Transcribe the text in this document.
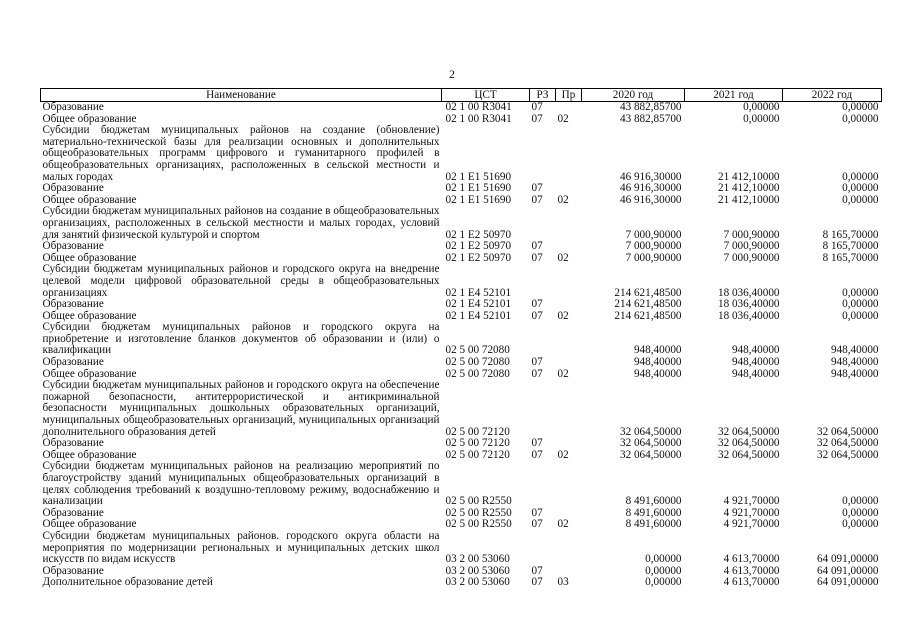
2
Наименование	ЦСТ	РЗ	Пр	2020 год	2021 год	2022 год
Образование	02 1 00 R3041	07		43 882,85700	0,00000	0,00000
Общее образование	02 1 00 R3041	07	02	43 882,85700	0,00000	0,00000
Субсидии бюджетам муниципальных районов на создание (обновление) материально-технической базы для реализации основных и дополнительных общеобразовательных программ цифрового и гуманитарного профилей в общеобразовательных организациях, расположенных в сельской местности и малых городах	02 1 E1 51690			46 916,30000	21 412,10000	0,00000
Образование	02 1 E1 51690	07		46 916,30000	21 412,10000	0,00000
Общее образование	02 1 E1 51690	07	02	46 916,30000	21 412,10000	0,00000
Субсидии бюджетам муниципальных районов на создание в общеобразовательных организациях, расположенных в сельской местности и малых городах, условий для занятий физической культурой и спортом	02 1 E2 50970			7 000,90000	7 000,90000	8 165,70000
Образование	02 1 E2 50970	07		7 000,90000	7 000,90000	8 165,70000
Общее образование	02 1 E2 50970	07	02	7 000,90000	7 000,90000	8 165,70000
Субсидии бюджетам муниципальных районов и городского округа на внедрение целевой модели цифровой образовательной среды в общеобразовательных организациях	02 1 E4 52101			214 621,48500	18 036,40000	0,00000
Образование	02 1 E4 52101	07		214 621,48500	18 036,40000	0,00000
Общее образование	02 1 E4 52101	07	02	214 621,48500	18 036,40000	0,00000
Субсидии бюджетам муниципальных районов и городского округа на приобретение и изготовление бланков документов об образовании и (или) о квалификации	02 5 00 72080			948,40000	948,40000	948,40000
Образование	02 5 00 72080	07		948,40000	948,40000	948,40000
Общее образование	02 5 00 72080	07	02	948,40000	948,40000	948,40000
Субсидии бюджетам муниципальных районов и городского округа на обеспечение пожарной безопасности, антитеррористической и антикриминальной безопасности муниципальных дошкольных образовательных организаций, муниципальных общеобразовательных организаций, муниципальных организаций дополнительного образования детей	02 5 00 72120			32 064,50000	32 064,50000	32 064,50000
Образование	02 5 00 72120	07		32 064,50000	32 064,50000	32 064,50000
Общее образование	02 5 00 72120	07	02	32 064,50000	32 064,50000	32 064,50000
Субсидии бюджетам муниципальных районов на реализацию мероприятий по благоустройству зданий муниципальных общеобразовательных организаций в целях соблюдения требований к воздушно-тепловому режиму, водоснабжению и канализации	02 5 00 R2550			8 491,60000	4 921,70000	0,00000
Образование	02 5 00 R2550	07		8 491,60000	4 921,70000	0,00000
Общее образование	02 5 00 R2550	07	02	8 491,60000	4 921,70000	0,00000
Субсидии бюджетам муниципальных районов. городского округа области на мероприятия по модернизации региональных и муниципальных детских школ искусств по видам искусств	03 2 00 53060			0,00000	4 613,70000	64 091,00000
Образование	03 2 00 53060	07		0,00000	4 613,70000	64 091,00000
Дополнительное образование детей	03 2 00 53060	07	03	0,00000	4 613,70000	64 091,00000
